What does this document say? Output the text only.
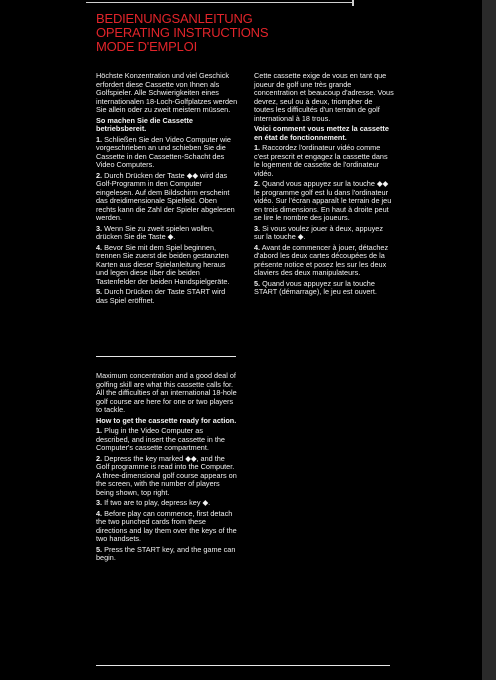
BEDIENUNGSANLEITUNG
OPERATING INSTRUCTIONS
MODE D'EMPLOI

Höchste Konzentration und viel Geschick erfordert diese Cassette von Ihnen als Golfspieler. Alle Schwierigkeiten eines internationalen 18-Loch-Golfplatzes werden Sie allein oder zu zweit meistern müssen.

So machen Sie die Cassette betriebsbereit.
1. Schließen Sie den Video Computer wie vorgeschrieben an und schieben Sie die Cassette in den Cassetten-Schacht des Video Computers.
2. Durch Drücken der Taste ◆◆ wird das Golf-Programm in den Computer eingelesen. Auf dem Bildschirm erscheint das dreidimensionale Spielfeld. Oben rechts kann die Zahl der Spieler abgelesen werden.
3. Wenn Sie zu zweit spielen wollen, drücken Sie die Taste ◆.
4. Bevor Sie mit dem Spiel beginnen, trennen Sie zuerst die beiden gestanzten Karten aus dieser Spielanleitung heraus und legen diese über die beiden Tastenfelder der beiden Handspielgeräte.
5. Durch Drücken der Taste START wird das Spiel eröffnet.

Cette cassette exige de vous en tant que joueur de golf une très grande concentration et beaucoup d'adresse. Vous devrez, seul ou à deux, triompher de toutes les difficultés d'un terrain de golf international à 18 trous.

Voici comment vous mettez la cassette en état de fonctionnement.
1. Raccordez l'ordinateur vidéo comme c'est prescrit et engagez la cassette dans le logement de cassette de l'ordinateur vidéo.
2. Quand vous appuyez sur la touche ◆◆ le programme golf est lu dans l'ordinateur vidéo. Sur l'écran apparaît le terrain de jeu en trois dimensions. En haut à droite peut se lire le nombre des joueurs.
3. Si vous voulez jouer à deux, appuyez sur la touche ◆.
4. Avant de commencer à jouer, détachez d'abord les deux cartes découpées de la présente notice et posez les sur les deux claviers des deux manipulateurs.
5. Quand vous appuyez sur la touche START (démarrage), le jeu est ouvert.

Maximum concentration and a good deal of golfing skill are what this cassette calls for. All the difficulties of an international 18-hole golf course are here for one or two players to tackle.

How to get the cassette ready for action.
1. Plug in the Video Computer as described, and insert the cassette in the Computer's cassette compartment.
2. Depress the key marked ◆◆, and the Golf programme is read into the Computer. A three-dimensional golf course appears on the screen, with the number of players being shown, top right.
3. If two are to play, depress key ◆.
4. Before play can commence, first detach the two punched cards from these directions and lay them over the keys of the two handsets.
5. Press the START key, and the game can begin.
